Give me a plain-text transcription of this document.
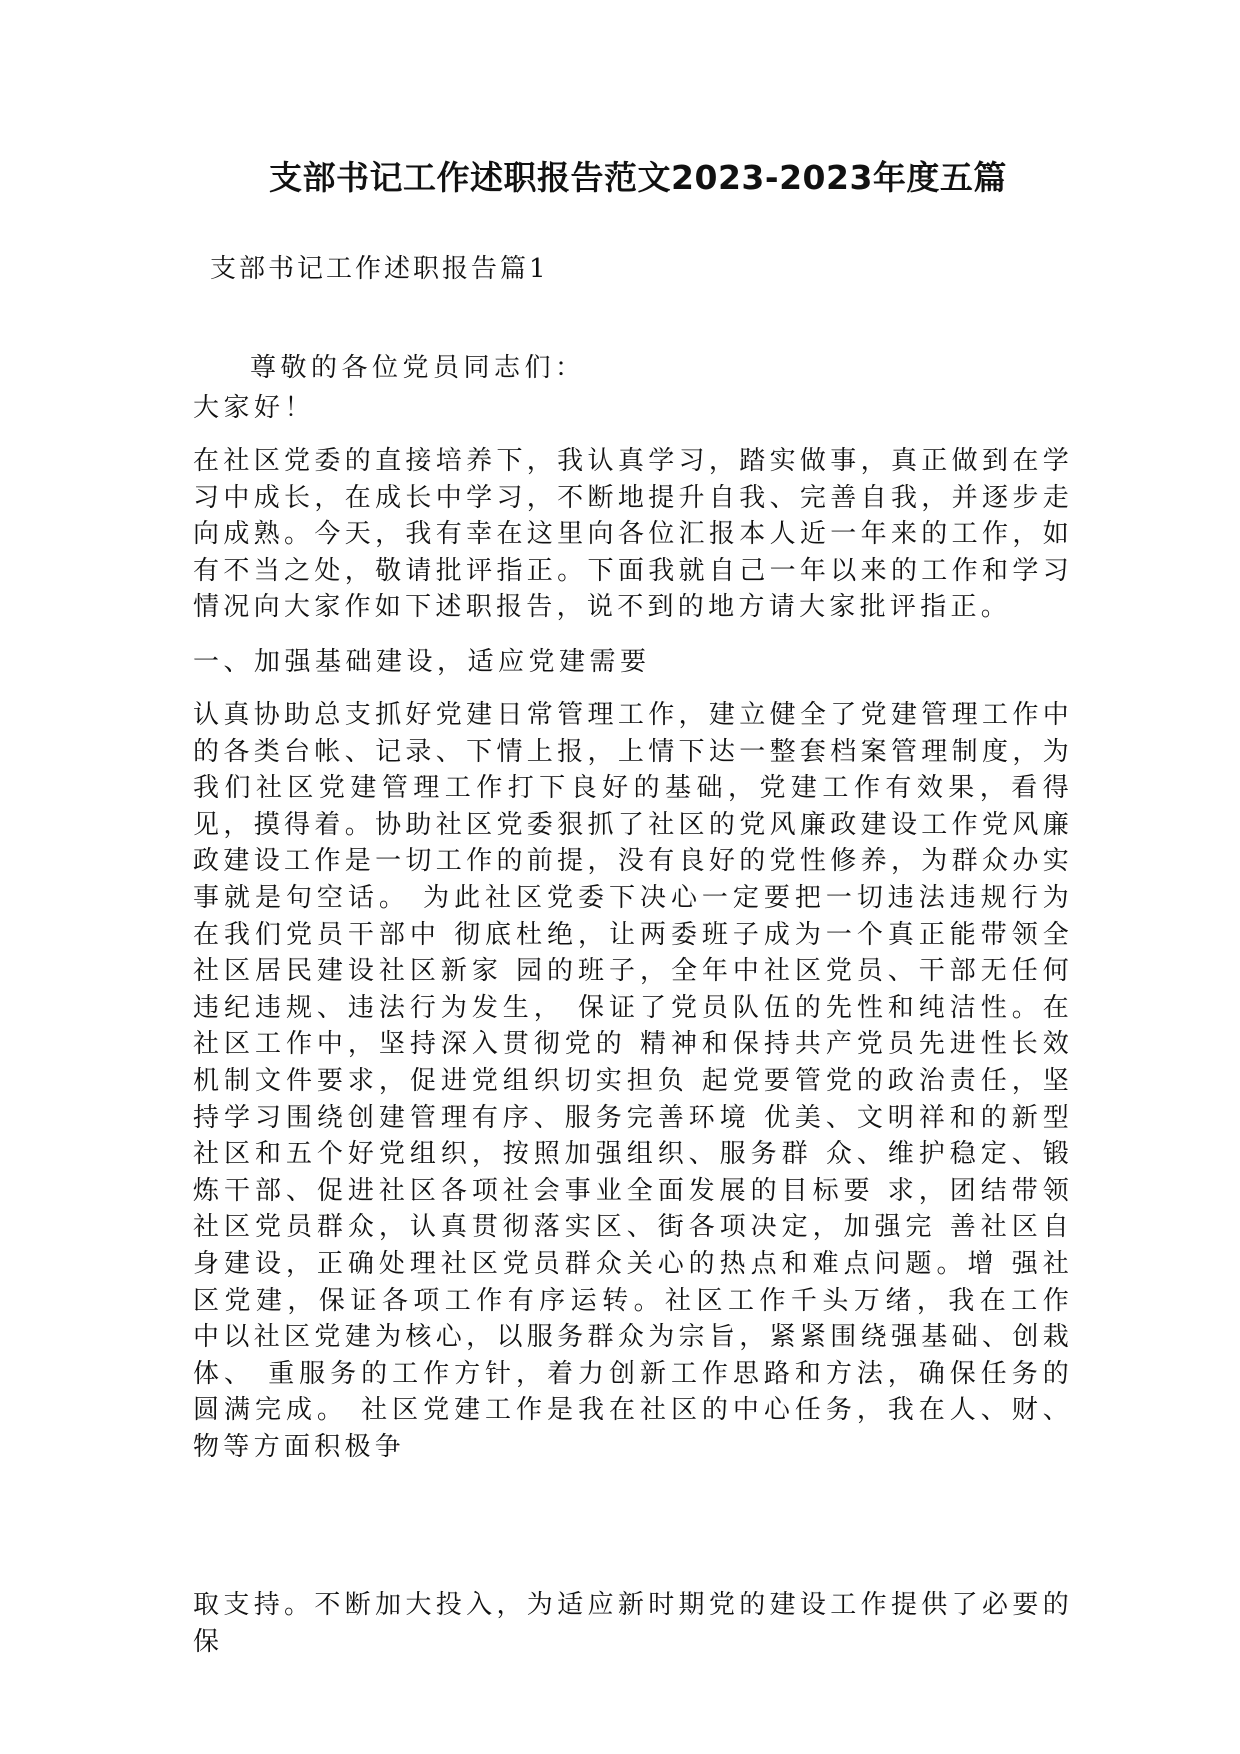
支部书记工作述职报告范文2023-2023年度五篇
支部书记工作述职报告篇1

尊敬的各位党员同志们：

大家好！

在社区党委的直接培养下，我认真学习，踏实做事，真正做到在学习中成长，在成长中学习，不断地提升自我、完善自我，并逐步走向成熟。今天，我有幸在这里向各位汇报本人近一年来的工作，如有不当之处，敬请批评指正。下面我就自己一年以来的工作和学习情况向大家作如下述职报告，说不到的地方请大家批评指正。

一、加强基础建设，适应党建需要

认真协助总支抓好党建日常管理工作，建立健全了党建管理工作中的各类台帐、记录、下情上报，上情下达一整套档案管理制度，为我们社区党建管理工作打下良好的基础，党建工作有效果，看得见，摸得着。协助社区党委狠抓了社区的党风廉政建设工作党风廉政建设工作是一切工作的前提，没有良好的党性修养，为群众办实事就是句空话。 为此社区党委下决心一定要把一切违法违规行为在我们党员干部中 彻底杜绝，让两委班子成为一个真正能带领全社区居民建设社区新家 园的班子，全年中社区党员、干部无任何违纪违规、违法行为发生， 保证了党员队伍的先性和纯洁性。在社区工作中，坚持深入贯彻党的 精神和保持共产党员先进性长效机制文件要求，促进党组织切实担负 起党要管党的政治责任，坚持学习围绕创建管理有序、服务完善环境 优美、文明祥和的新型社区和五个好党组织，按照加强组织、服务群 众、维护稳定、锻炼干部、促进社区各项社会事业全面发展的目标要 求，团结带领社区党员群众，认真贯彻落实区、街各项决定，加强完 善社区自身建设，正确处理社区党员群众关心的热点和难点问题。增 强社区党建，保证各项工作有序运转。社区工作千头万绪，我在工作 中以社区党建为核心，以服务群众为宗旨，紧紧围绕强基础、创栽体、 重服务的工作方针，着力创新工作思路和方法，确保任务的圆满完成。 社区党建工作是我在社区的中心任务，我在人、财、物等方面积极争

取支持。不断加大投入，为适应新时期党的建设工作提供了必要的保
